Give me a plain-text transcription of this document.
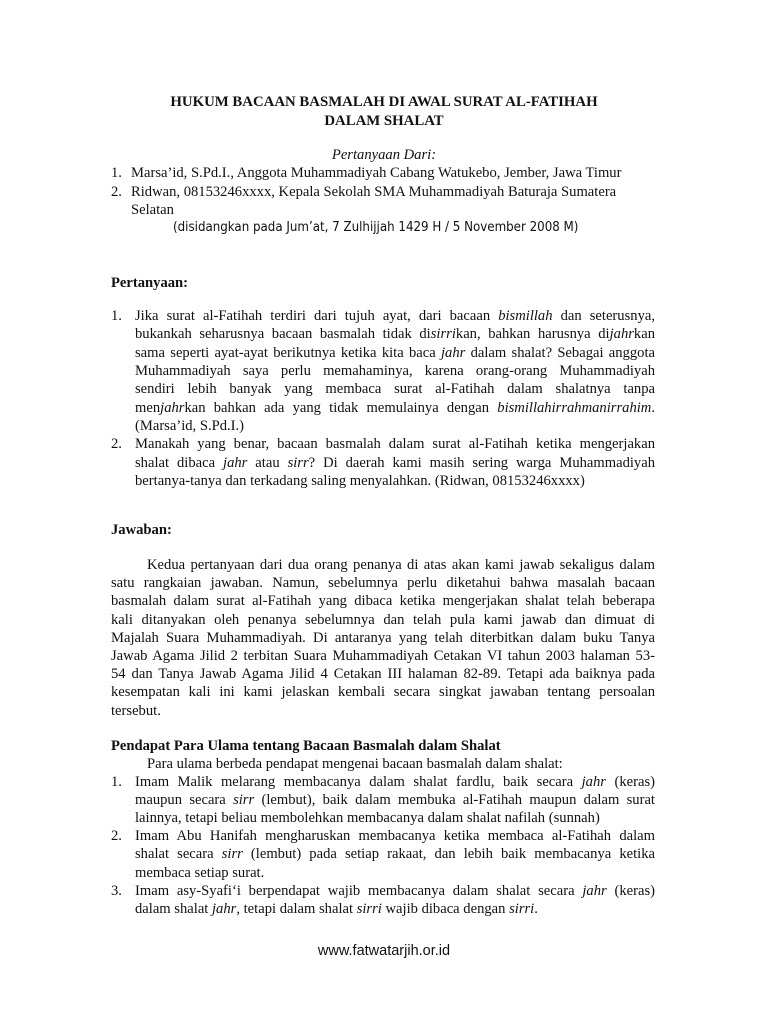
HUKUM BACAAN BASMALAH DI AWAL SURAT AL-FATIHAH
DALAM SHALAT
Pertanyaan Dari:
1. Marsa’id, S.Pd.I., Anggota Muhammadiyah Cabang Watukebo, Jember, Jawa Timur
2. Ridwan, 08153246xxxx, Kepala Sekolah SMA Muhammadiyah Baturaja Sumatera
Selatan
(disidangkan pada Jum’at, 7 Zulhijjah 1429 H / 5 November 2008 M)
Pertanyaan:
1. Jika surat al-Fatihah terdiri dari tujuh ayat, dari bacaan bismillah dan seterusnya,
bukankah seharusnya bacaan basmalah tidak disirrikan, bahkan harusnya dijahrkan
sama seperti ayat-ayat berikutnya ketika kita baca jahr dalam shalat? Sebagai anggota
Muhammadiyah saya perlu memahaminya, karena orang-orang Muhammadiyah
sendiri lebih banyak yang membaca surat al-Fatihah dalam shalatnya tanpa
menjahrkan bahkan ada yang tidak memulainya dengan bismillahirrahmanirrahim.
(Marsa’id, S.Pd.I.)
2. Manakah yang benar, bacaan basmalah dalam surat al-Fatihah ketika mengerjakan
shalat dibaca jahr atau sirr? Di daerah kami masih sering warga Muhammadiyah
bertanya-tanya dan terkadang saling menyalahkan. (Ridwan, 08153246xxxx)
Jawaban:
Kedua pertanyaan dari dua orang penanya di atas akan kami jawab sekaligus dalam
satu rangkaian jawaban. Namun, sebelumnya perlu diketahui bahwa masalah bacaan
basmalah dalam surat al-Fatihah yang dibaca ketika mengerjakan shalat telah beberapa
kali ditanyakan oleh penanya sebelumnya dan telah pula kami jawab dan dimuat di
Majalah Suara Muhammadiyah. Di antaranya yang telah diterbitkan dalam buku Tanya
Jawab Agama Jilid 2 terbitan Suara Muhammadiyah Cetakan VI tahun 2003 halaman 53-
54 dan Tanya Jawab Agama Jilid 4 Cetakan III halaman 82-89. Tetapi ada baiknya pada
kesempatan kali ini kami jelaskan kembali secara singkat jawaban tentang persoalan
tersebut.
Pendapat Para Ulama tentang Bacaan Basmalah dalam Shalat
Para ulama berbeda pendapat mengenai bacaan basmalah dalam shalat:
1. Imam Malik melarang membacanya dalam shalat fardlu, baik secara jahr (keras)
maupun secara sirr (lembut), baik dalam membuka al-Fatihah maupun dalam surat
lainnya, tetapi beliau membolehkan membacanya dalam shalat nafilah (sunnah)
2. Imam Abu Hanifah mengharuskan membacanya ketika membaca al-Fatihah dalam
shalat secara sirr (lembut) pada setiap rakaat, dan lebih baik membacanya ketika
membaca setiap surat.
3. Imam asy-Syafi‘i berpendapat wajib membacanya dalam shalat secara jahr (keras)
dalam shalat jahr, tetapi dalam shalat sirri wajib dibaca dengan sirri.
www.fatwatarjih.or.id
